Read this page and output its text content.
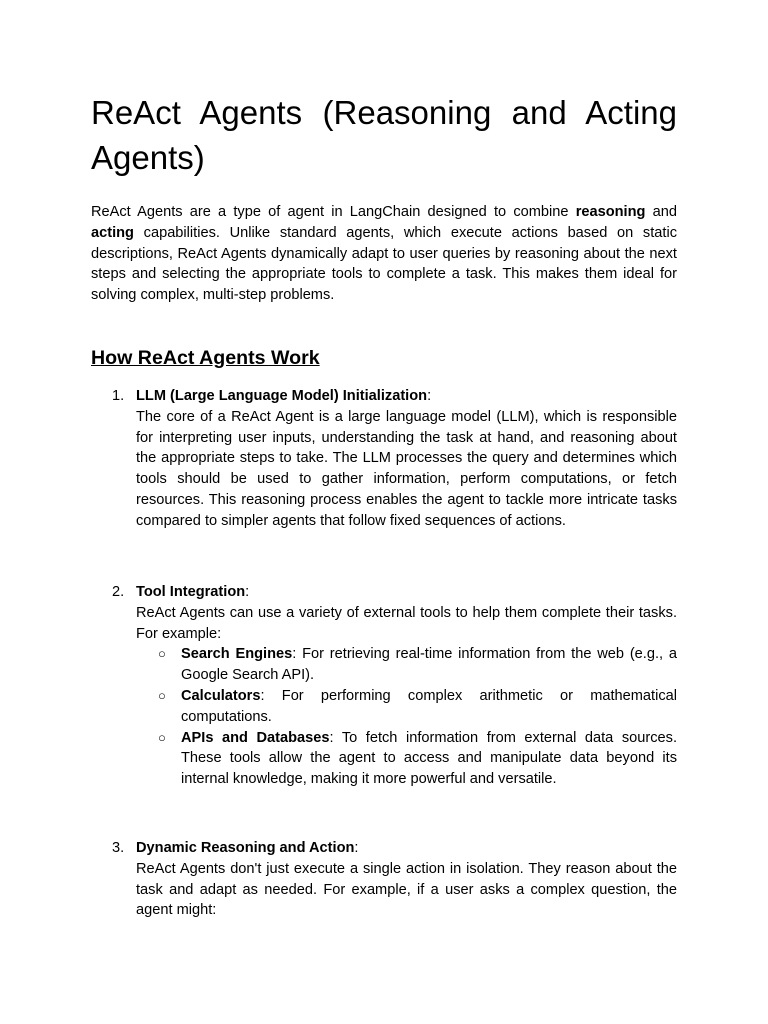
ReAct Agents (Reasoning and Acting Agents)

ReAct Agents are a type of agent in LangChain designed to combine reasoning and acting capabilities. Unlike standard agents, which execute actions based on static descriptions, ReAct Agents dynamically adapt to user queries by reasoning about the next steps and selecting the appropriate tools to complete a task. This makes them ideal for solving complex, multi-step problems.

How ReAct Agents Work
1. LLM (Large Language Model) Initialization:
The core of a ReAct Agent is a large language model (LLM), which is responsible for interpreting user inputs, understanding the task at hand, and reasoning about the appropriate steps to take. The LLM processes the query and determines which tools should be used to gather information, perform computations, or fetch resources. This reasoning process enables the agent to tackle more intricate tasks compared to simpler agents that follow fixed sequences of actions.
2. Tool Integration:
ReAct Agents can use a variety of external tools to help them complete their tasks. For example:
○ Search Engines: For retrieving real-time information from the web (e.g., a Google Search API).
○ Calculators: For performing complex arithmetic or mathematical computations.
○ APIs and Databases: To fetch information from external data sources. These tools allow the agent to access and manipulate data beyond its internal knowledge, making it more powerful and versatile.
3. Dynamic Reasoning and Action:
ReAct Agents don't just execute a single action in isolation. They reason about the task and adapt as needed. For example, if a user asks a complex question, the agent might:
